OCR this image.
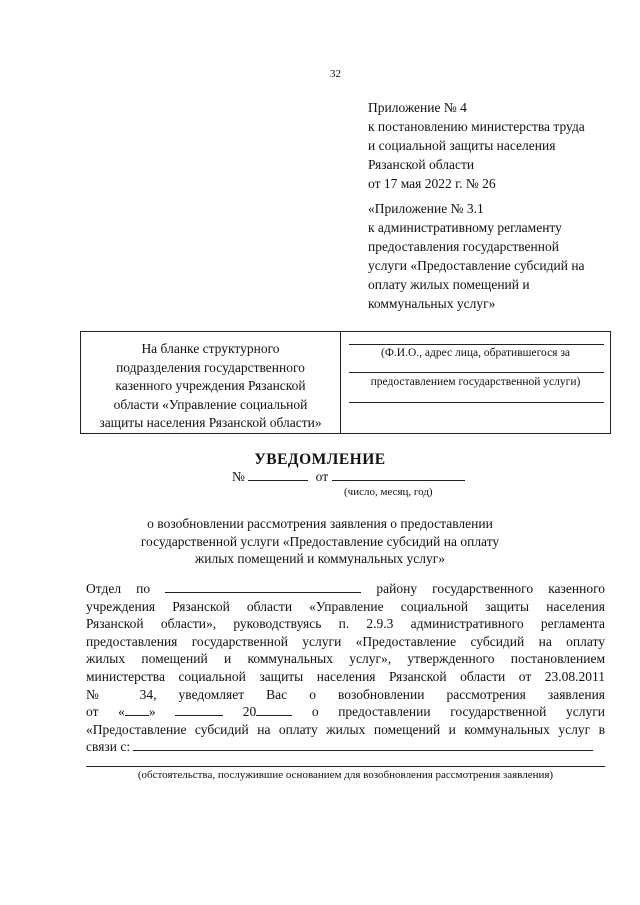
32
Приложение № 4
к постановлению министерства труда
и социальной защиты населения
Рязанской области
от 17 мая 2022 г. № 26
«Приложение № 3.1
к административному регламенту
предоставления государственной
услуги «Предоставление субсидий на
оплату жилых помещений и
коммунальных услуг»
На бланке структурного
подразделения государственного
казенного учреждения Рязанской
области «Управление социальной
защиты населения Рязанской области»
(Ф.И.О., адрес лица, обратившегося за
предоставлением государственной услуги)
УВЕДОМЛЕНИЕ
№	от
(число, месяц, год)
о возобновлении рассмотрения заявления о предоставлении
государственной услуги «Предоставление субсидий на оплату
жилых помещений и коммунальных услуг»

Отдел по	району государственного казенного

учреждения Рязанской области «Управление социальной защиты населения

Рязанской области», руководствуясь п. 2.9.3 административного регламента

предоставления государственной услуги «Предоставление субсидий на оплату

жилых помещений и коммунальных услуг», утвержденного постановлением

министерства социальной защиты населения Рязанской области от 23.08.2011

№ 34, уведомляет Вас о возобновлении рассмотрения заявления

от « »	20	о предоставлении государственной услуги

«Предоставление субсидий на оплату жилых помещений и коммунальных услуг в

связи с:

(обстоятельства, послужившие основанием для возобновления рассмотрения заявления)
